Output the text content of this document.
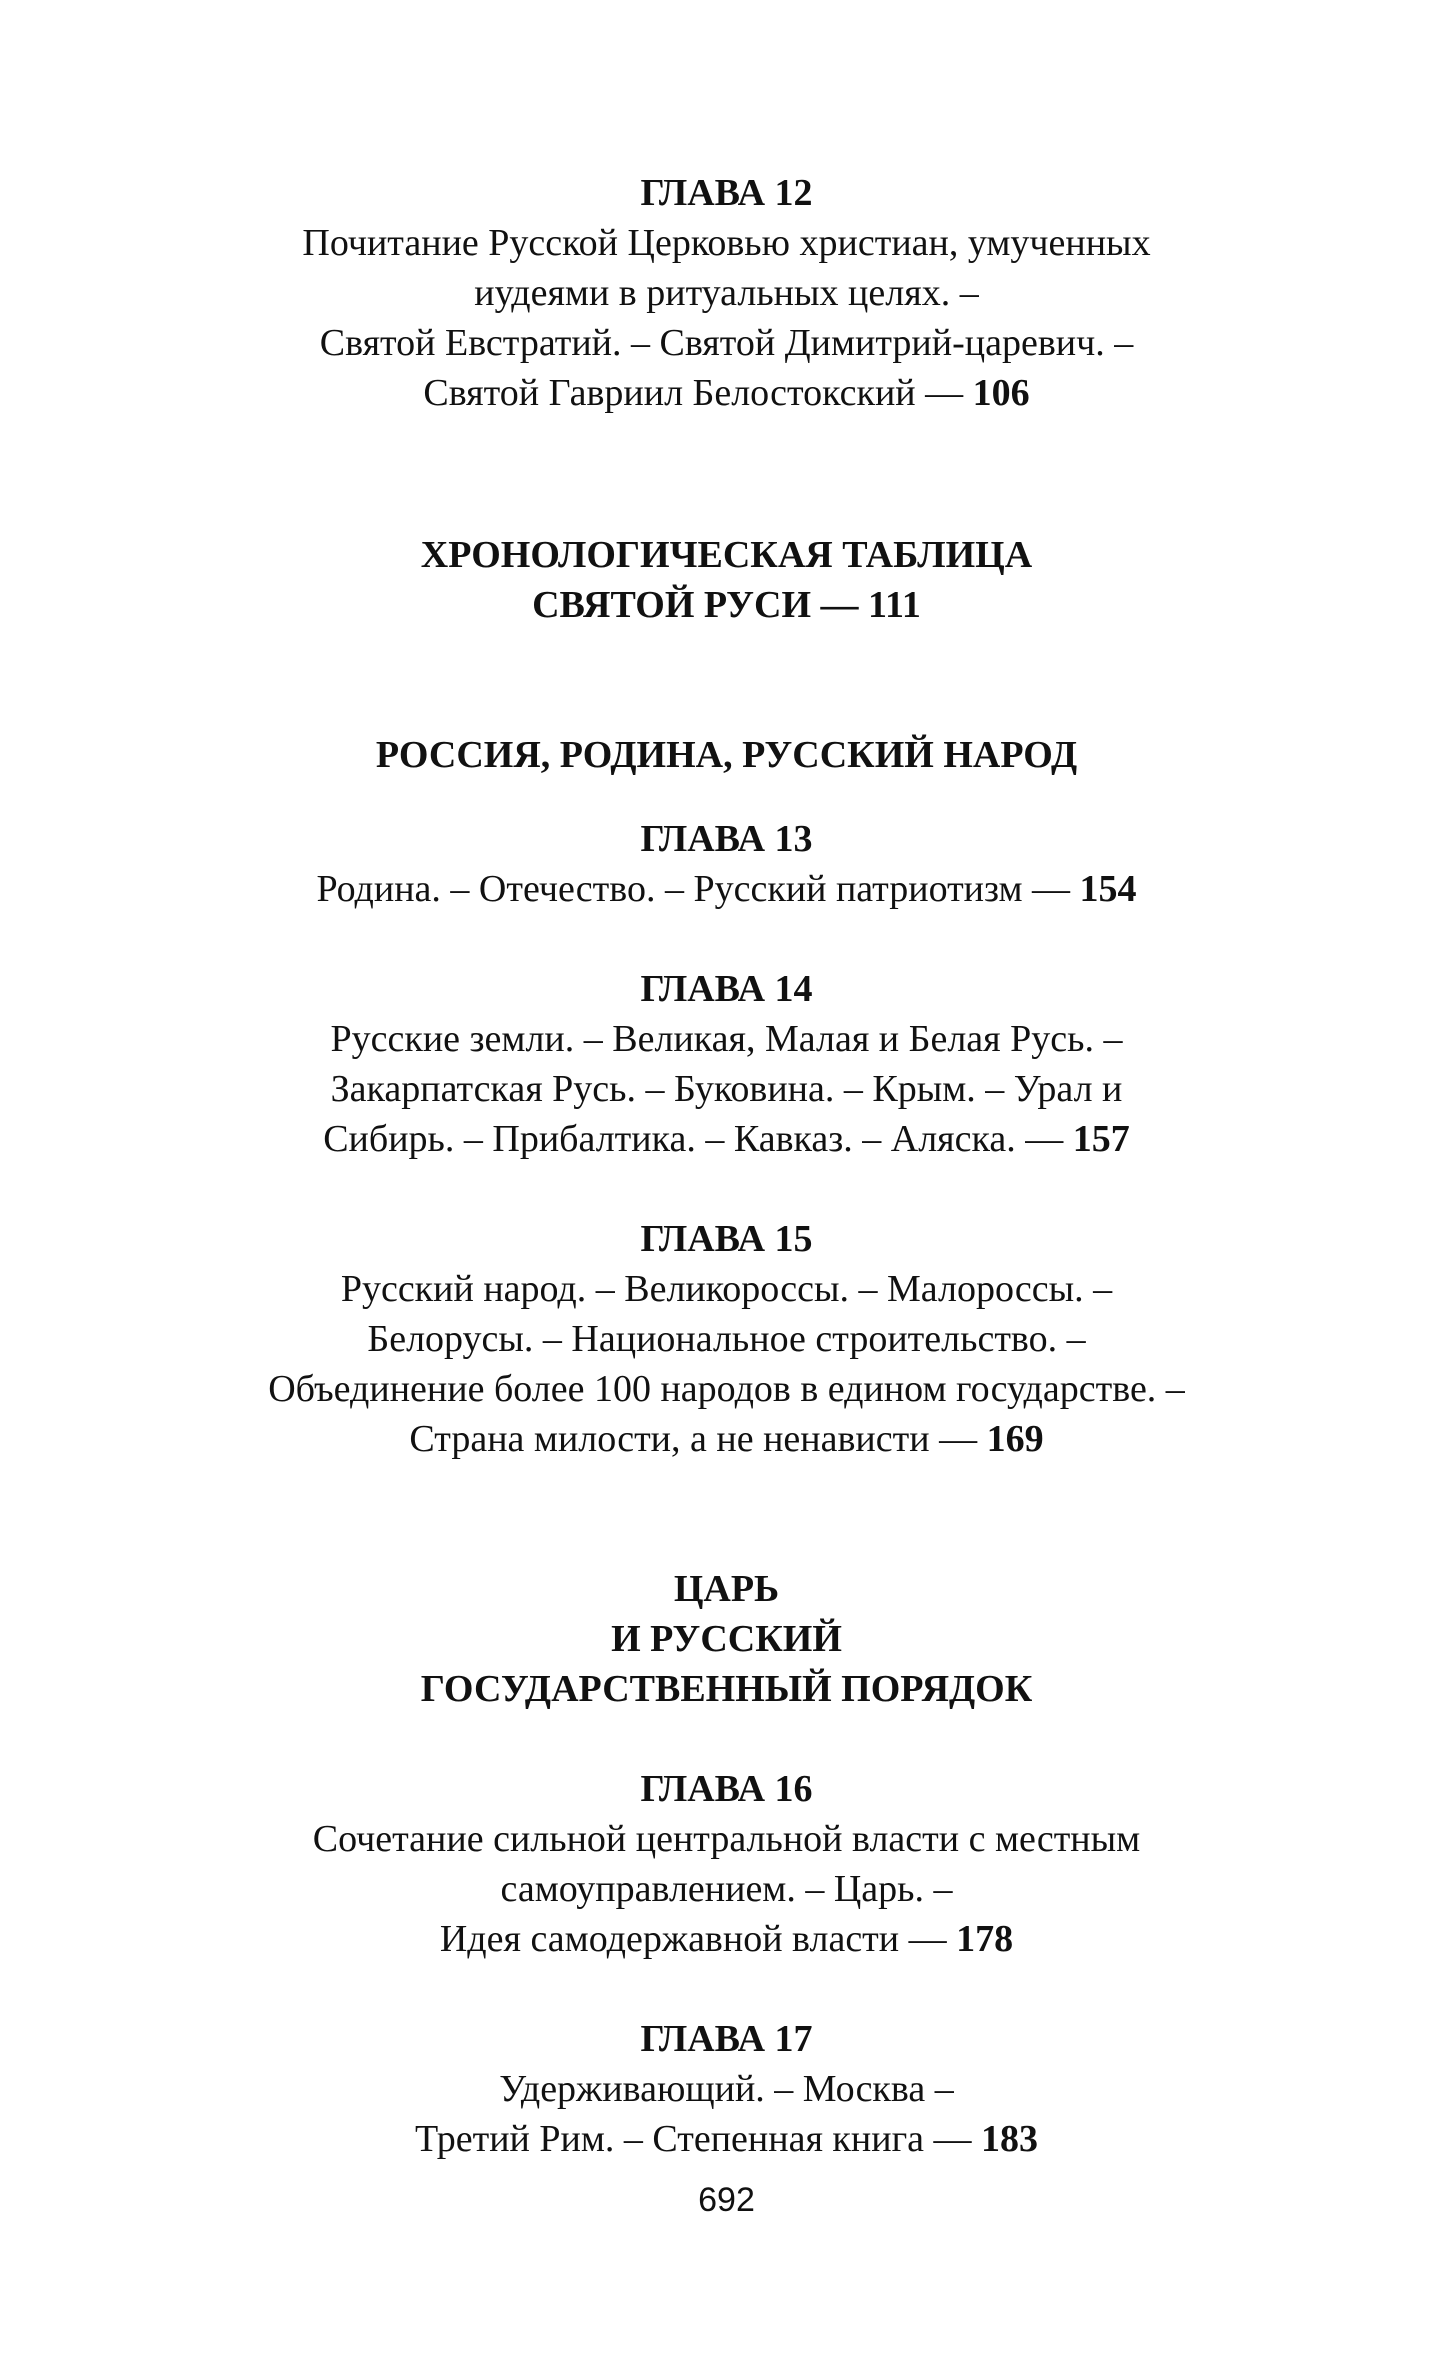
ГЛАВА 12

Почитание Русской Церковью христиан, умученных
иудеями в ритуальных целях. –
Святой Евстратий. – Святой Димитрий-царевич. –
Святой Гавриил Белостокский — 106

ХРОНОЛОГИЧЕСКАЯ ТАБЛИЦА
СВЯТОЙ РУСИ — 111

РОССИЯ, РОДИНА, РУССКИЙ НАРОД

ГЛАВА 13

Родина. – Отечество. – Русский патриотизм — 154

ГЛАВА 14

Русские земли. – Великая, Малая и Белая Русь. –
Закарпатская Русь. – Буковина. – Крым. – Урал и
Сибирь. – Прибалтика. – Кавказ. – Аляска. — 157

ГЛАВА 15

Русский народ. – Великороссы. – Малороссы. –
Белорусы. – Национальное строительство. –
Объединение более 100 народов в едином государстве. –
Страна милости, а не ненависти — 169

ЦАРЬ
И РУССКИЙ
ГОСУДАРСТВЕННЫЙ ПОРЯДОК

ГЛАВА 16

Сочетание сильной центральной власти с местным
самоуправлением. – Царь. –
Идея самодержавной власти — 178

ГЛАВА 17

Удерживающий. – Москва –
Третий Рим. – Степенная книга — 183

692
